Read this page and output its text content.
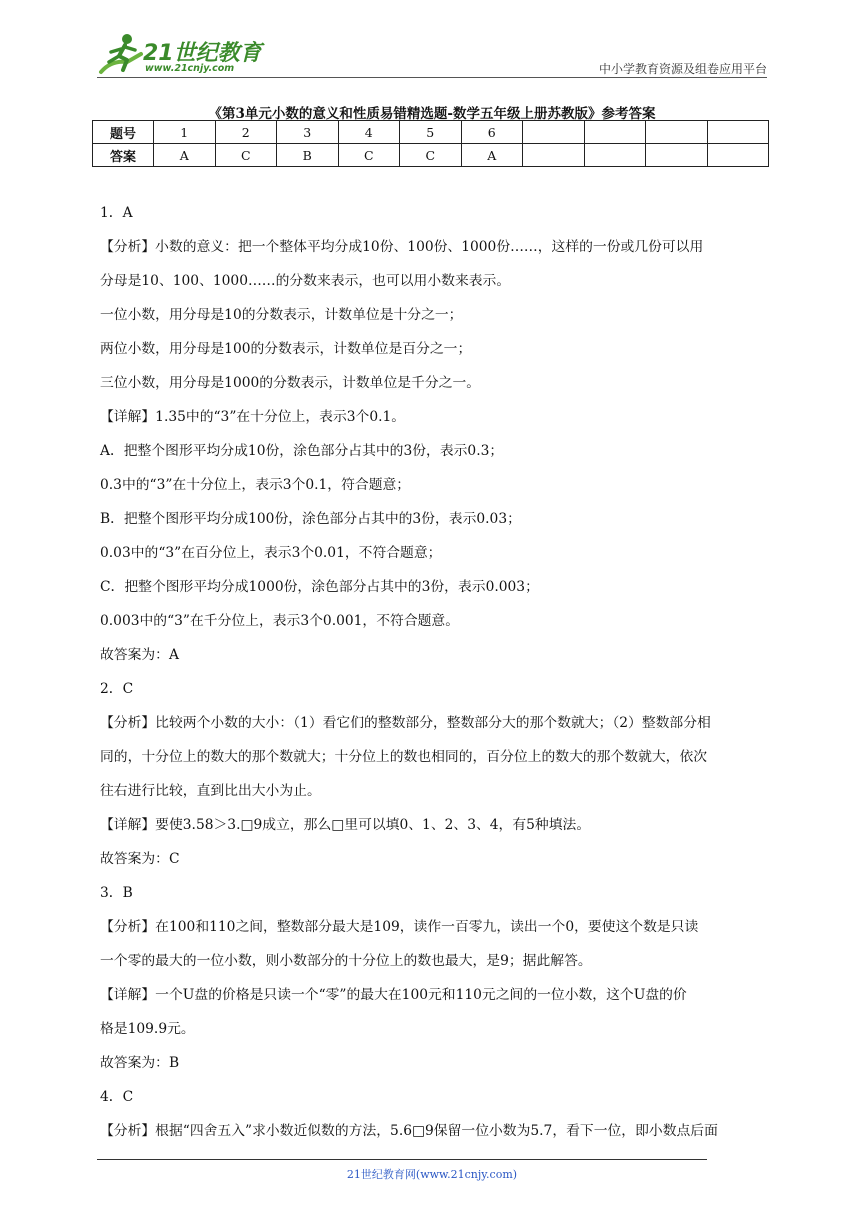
21世纪教育
www.21cnjy.com	中小学教育资源及组卷应用平台
《第3单元小数的意义和性质易错精选题-数学五年级上册苏教版》参考答案
题号	1	2	3	4	5	6				
答案	A	C	B	C	C	A				
1．A
【分析】小数的意义：把一个整体平均分成10份、100份、1000份……，这样的一份或几份可以用
分母是10、100、1000……的分数来表示，也可以用小数来表示。
一位小数，用分母是10的分数表示，计数单位是十分之一；
两位小数，用分母是100的分数表示，计数单位是百分之一；
三位小数，用分母是1000的分数表示，计数单位是千分之一。
【详解】1.35中的“3”在十分位上，表示3个0.1。
A．把整个图形平均分成10份，涂色部分占其中的3份，表示0.3；
0.3中的“3”在十分位上，表示3个0.1，符合题意；
B．把整个图形平均分成100份，涂色部分占其中的3份，表示0.03；
0.03中的“3”在百分位上，表示3个0.01，不符合题意；
C．把整个图形平均分成1000份，涂色部分占其中的3份，表示0.003；
0.003中的“3”在千分位上，表示3个0.001，不符合题意。
故答案为：A
2．C
【分析】比较两个小数的大小：（1）看它们的整数部分，整数部分大的那个数就大；（2）整数部分相
同的，十分位上的数大的那个数就大；十分位上的数也相同的，百分位上的数大的那个数就大，依次
往右进行比较，直到比出大小为止。
【详解】要使3.58＞3.□9成立，那么□里可以填0、1、2、3、4，有5种填法。
故答案为：C
3．B
【分析】在100和110之间，整数部分最大是109，读作一百零九，读出一个0，要使这个数是只读
一个零的最大的一位小数，则小数部分的十分位上的数也最大，是9；据此解答。
【详解】一个U盘的价格是只读一个“零”的最大在100元和110元之间的一位小数，这个U盘的价
格是109.9元。
故答案为：B
4．C
【分析】根据“四舍五入”求小数近似数的方法，5.6□9保留一位小数为5.7，看下一位，即小数点后面
21世纪教育网(www.21cnjy.com)
